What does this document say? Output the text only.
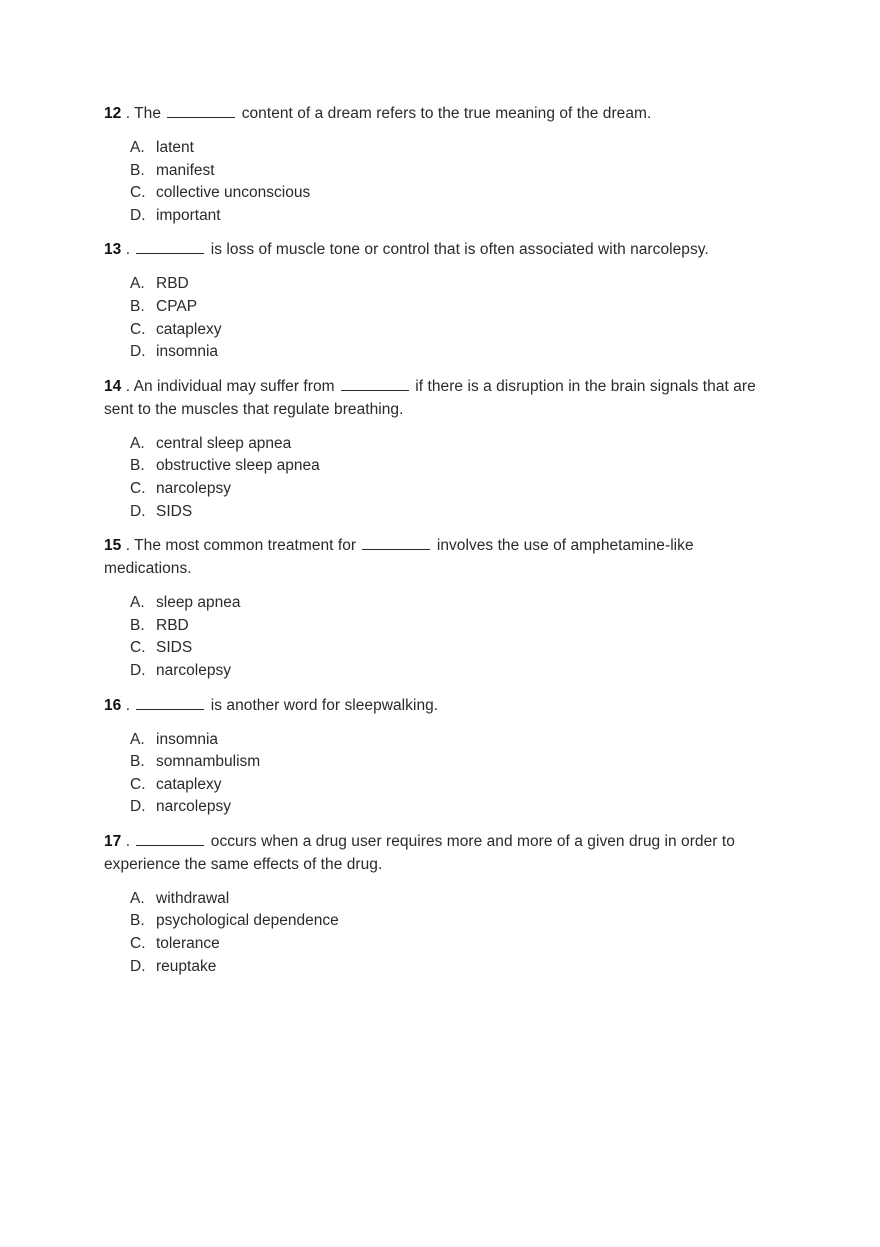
12 . The	content of a dream refers to the true meaning of the dream.

A. latent
B. manifest
C. collective unconscious
D. important

13 .	is loss of muscle tone or control that is often associated with narcolepsy.

A. RBD
B. CPAP
C. cataplexy
D. insomnia

14 . An individual may suffer from	if there is a disruption in the brain signals that are sent to the muscles that regulate breathing.

A. central sleep apnea
B. obstructive sleep apnea
C. narcolepsy
D. SIDS

15 . The most common treatment for	involves the use of amphetamine-like medications.

A. sleep apnea
B. RBD
C. SIDS
D. narcolepsy

16 .	is another word for sleepwalking.

A. insomnia
B. somnambulism
C. cataplexy
D. narcolepsy

17 .	occurs when a drug user requires more and more of a given drug in order to experience the same effects of the drug.

A. withdrawal
B. psychological dependence
C. tolerance
D. reuptake
